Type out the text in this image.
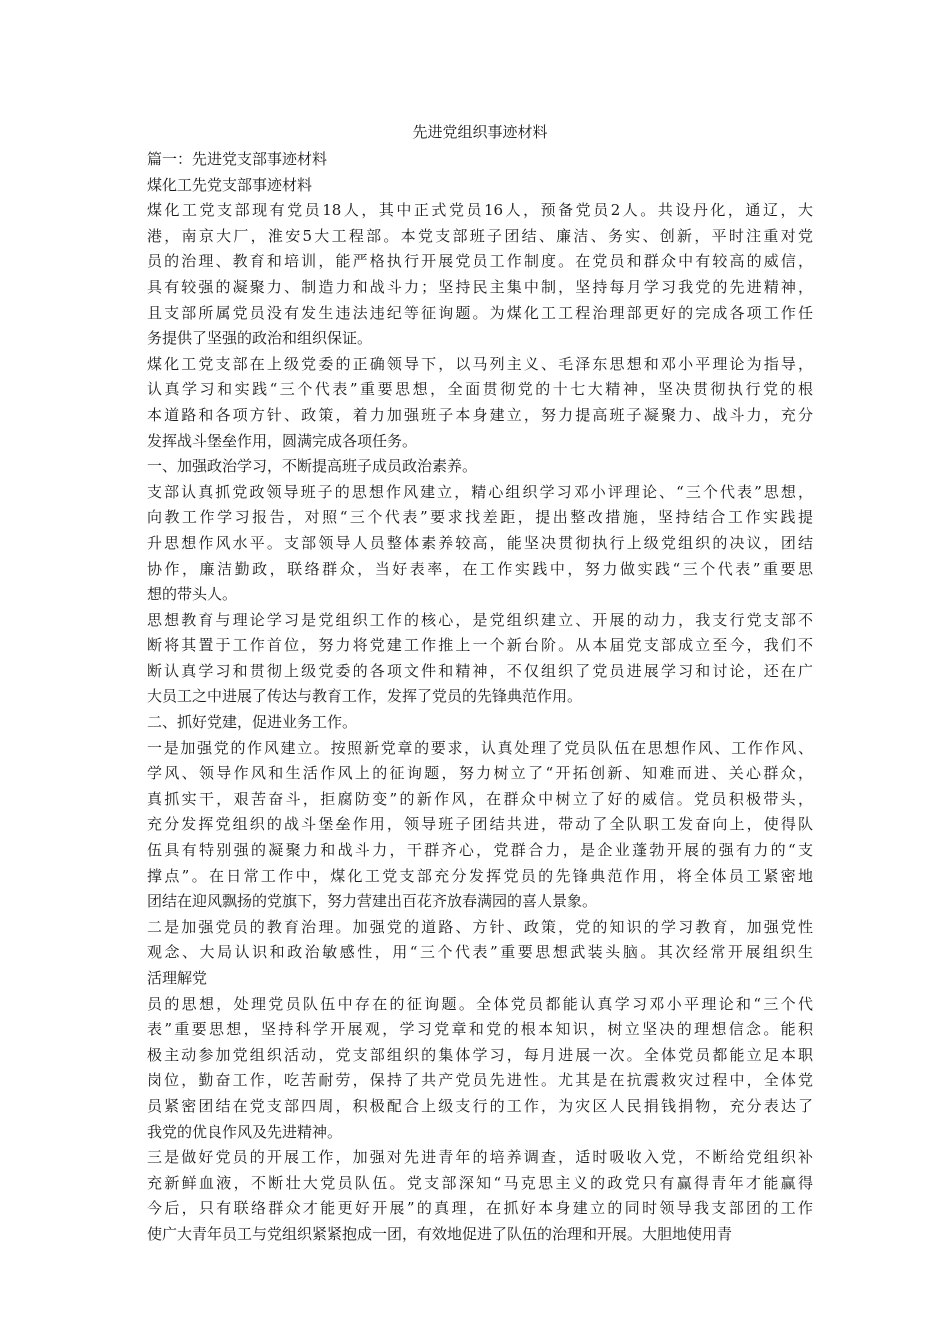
先进党组织事迹材料

篇一：先进党支部事迹材料

煤化工先党支部事迹材料

煤化工党支部现有党员18人，其中正式党员16人，预备党员2人。共设丹化，通辽，大

港，南京大厂，淮安5大工程部。本党支部班子团结、廉洁、务实、创新，平时注重对党

员的治理、教育和培训，能严格执行开展党员工作制度。在党员和群众中有较高的威信，

具有较强的凝聚力、制造力和战斗力；坚持民主集中制，坚持每月学习我党的先进精神，

且支部所属党员没有发生违法违纪等征询题。为煤化工工程治理部更好的完成各项工作任

务提供了坚强的政治和组织保证。

煤化工党支部在上级党委的正确领导下，以马列主义、毛泽东思想和邓小平理论为指导，

认真学习和实践“三个代表”重要思想，全面贯彻党的十七大精神，坚决贯彻执行党的根

本道路和各项方针、政策，着力加强班子本身建立，努力提高班子凝聚力、战斗力，充分

发挥战斗堡垒作用，圆满完成各项任务。

一、加强政治学习，不断提高班子成员政治素养。

支部认真抓党政领导班子的思想作风建立，精心组织学习邓小评理论、“三个代表”思想，

向教工作学习报告，对照“三个代表”要求找差距，提出整改措施，坚持结合工作实践提

升思想作风水平。支部领导人员整体素养较高，能坚决贯彻执行上级党组织的决议，团结

协作，廉洁勤政，联络群众，当好表率，在工作实践中，努力做实践“三个代表”重要思

想的带头人。

思想教育与理论学习是党组织工作的核心，是党组织建立、开展的动力，我支行党支部不

断将其置于工作首位，努力将党建工作推上一个新台阶。从本届党支部成立至今，我们不

断认真学习和贯彻上级党委的各项文件和精神，不仅组织了党员进展学习和讨论，还在广

大员工之中进展了传达与教育工作，发挥了党员的先锋典范作用。

二、抓好党建，促进业务工作。

一是加强党的作风建立。按照新党章的要求，认真处理了党员队伍在思想作风、工作作风、

学风、领导作风和生活作风上的征询题，努力树立了“开拓创新、知难而进、关心群众，

真抓实干，艰苦奋斗，拒腐防变”的新作风，在群众中树立了好的威信。党员积极带头，

充分发挥党组织的战斗堡垒作用，领导班子团结共进，带动了全队职工发奋向上，使得队

伍具有特别强的凝聚力和战斗力，干群齐心，党群合力，是企业蓬勃开展的强有力的“支

撑点”。在日常工作中，煤化工党支部充分发挥党员的先锋典范作用，将全体员工紧密地

团结在迎风飘扬的党旗下，努力营建出百花齐放春满园的喜人景象。

二是加强党员的教育治理。加强党的道路、方针、政策，党的知识的学习教育，加强党性

观念、大局认识和政治敏感性，用“三个代表”重要思想武装头脑。其次经常开展组织生

活理解党

员的思想，处理党员队伍中存在的征询题。全体党员都能认真学习邓小平理论和“三个代

表”重要思想，坚持科学开展观，学习党章和党的根本知识，树立坚决的理想信念。能积

极主动参加党组织活动，党支部组织的集体学习，每月进展一次。全体党员都能立足本职

岗位，勤奋工作，吃苦耐劳，保持了共产党员先进性。尤其是在抗震救灾过程中，全体党

员紧密团结在党支部四周，积极配合上级支行的工作，为灾区人民捐钱捐物，充分表达了

我党的优良作风及先进精神。

三是做好党员的开展工作，加强对先进青年的培养调查，适时吸收入党，不断给党组织补

充新鲜血液，不断壮大党员队伍。党支部深知“马克思主义的政党只有赢得青年才能赢得

今后，只有联络群众才能更好开展”的真理，在抓好本身建立的同时领导我支部团的工作

使广大青年员工与党组织紧紧抱成一团，有效地促进了队伍的治理和开展。大胆地使用青
